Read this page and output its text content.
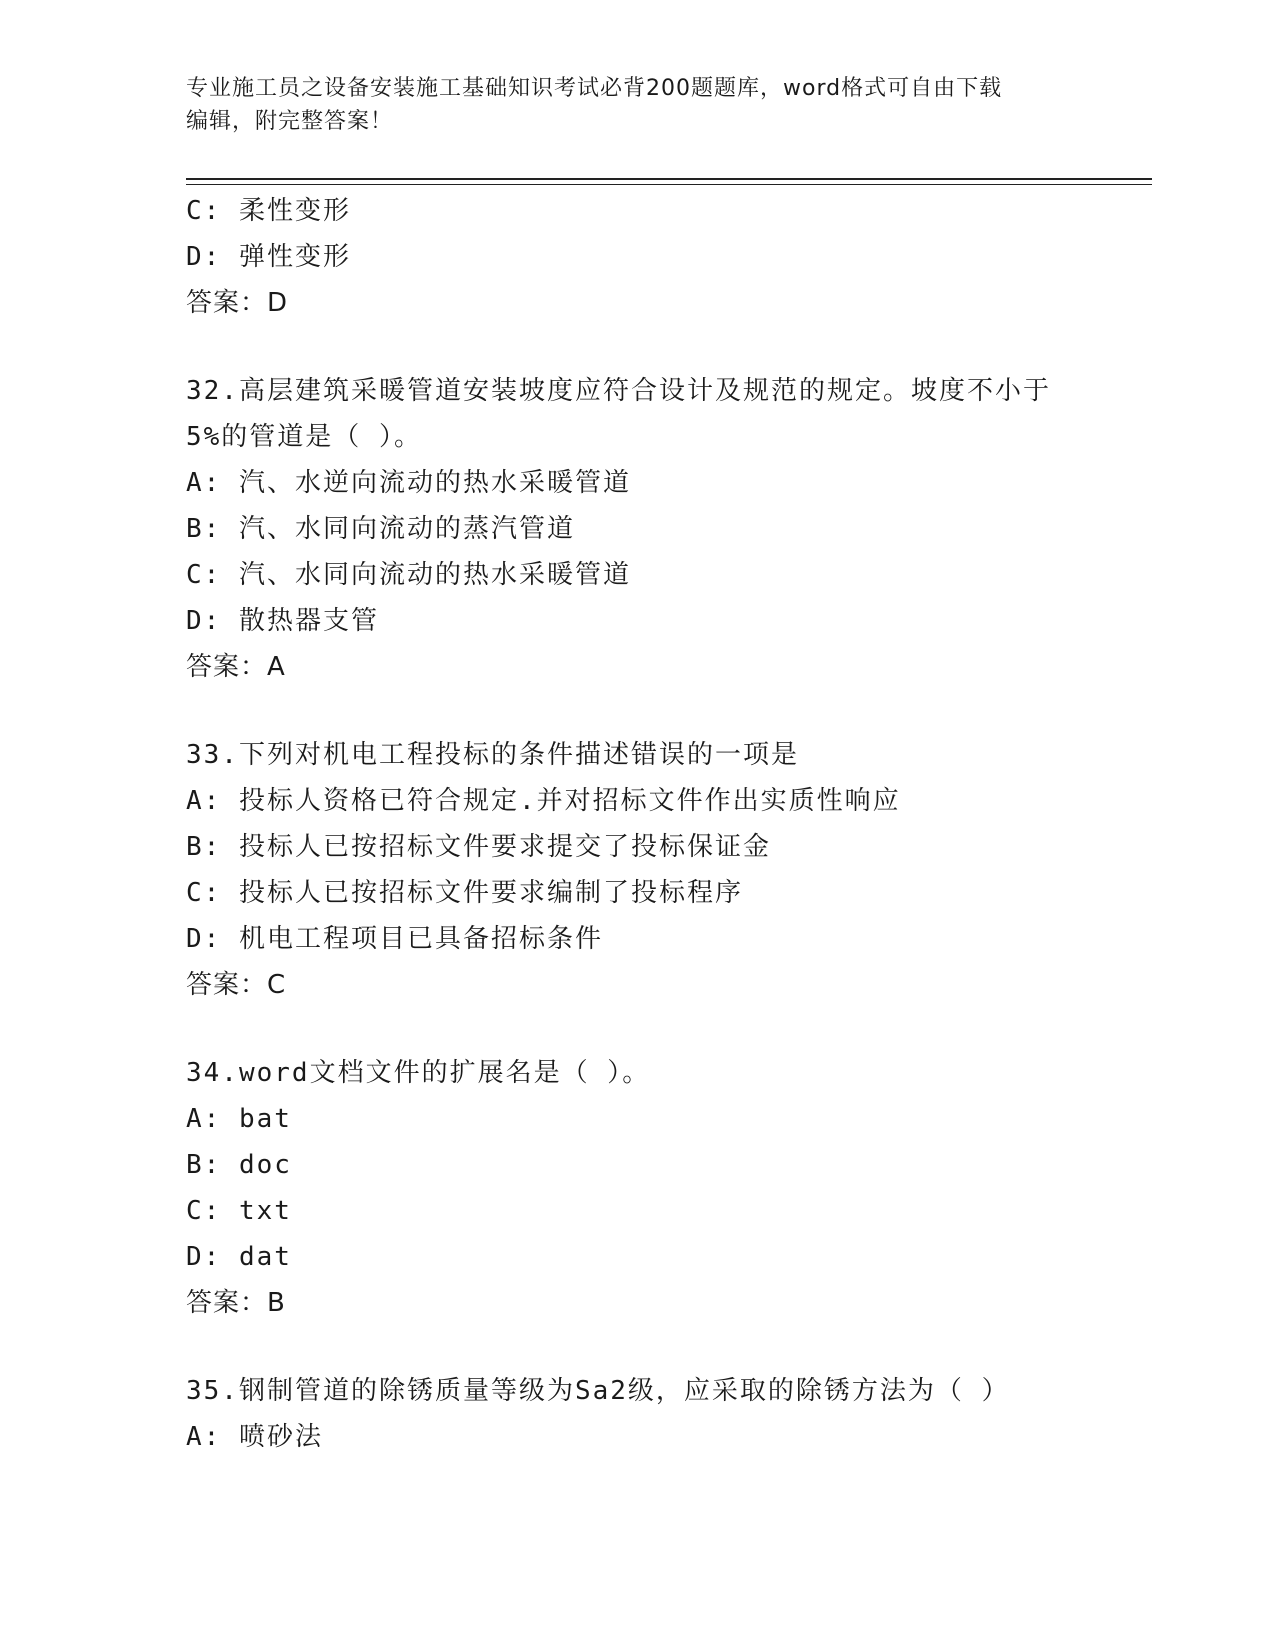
专业施工员之设备安装施工基础知识考试必背200题题库，word格式可自由下载
编辑，附完整答案！
C: 柔性变形
D: 弹性变形
答案：D
32.高层建筑采暖管道安装坡度应符合设计及规范的规定。坡度不小于
5%的管道是（ ）。
A: 汽、水逆向流动的热水采暖管道
B: 汽、水同向流动的蒸汽管道
C: 汽、水同向流动的热水采暖管道
D: 散热器支管
答案：A
33.下列对机电工程投标的条件描述错误的一项是
A: 投标人资格已符合规定.并对招标文件作出实质性响应
B: 投标人已按招标文件要求提交了投标保证金
C: 投标人已按招标文件要求编制了投标程序
D: 机电工程项目已具备招标条件
答案：C
34.word文档文件的扩展名是（ ）。
A: bat
B: doc
C: txt
D: dat
答案：B
35.钢制管道的除锈质量等级为Sa2级，应采取的除锈方法为（ ）
A: 喷砂法
